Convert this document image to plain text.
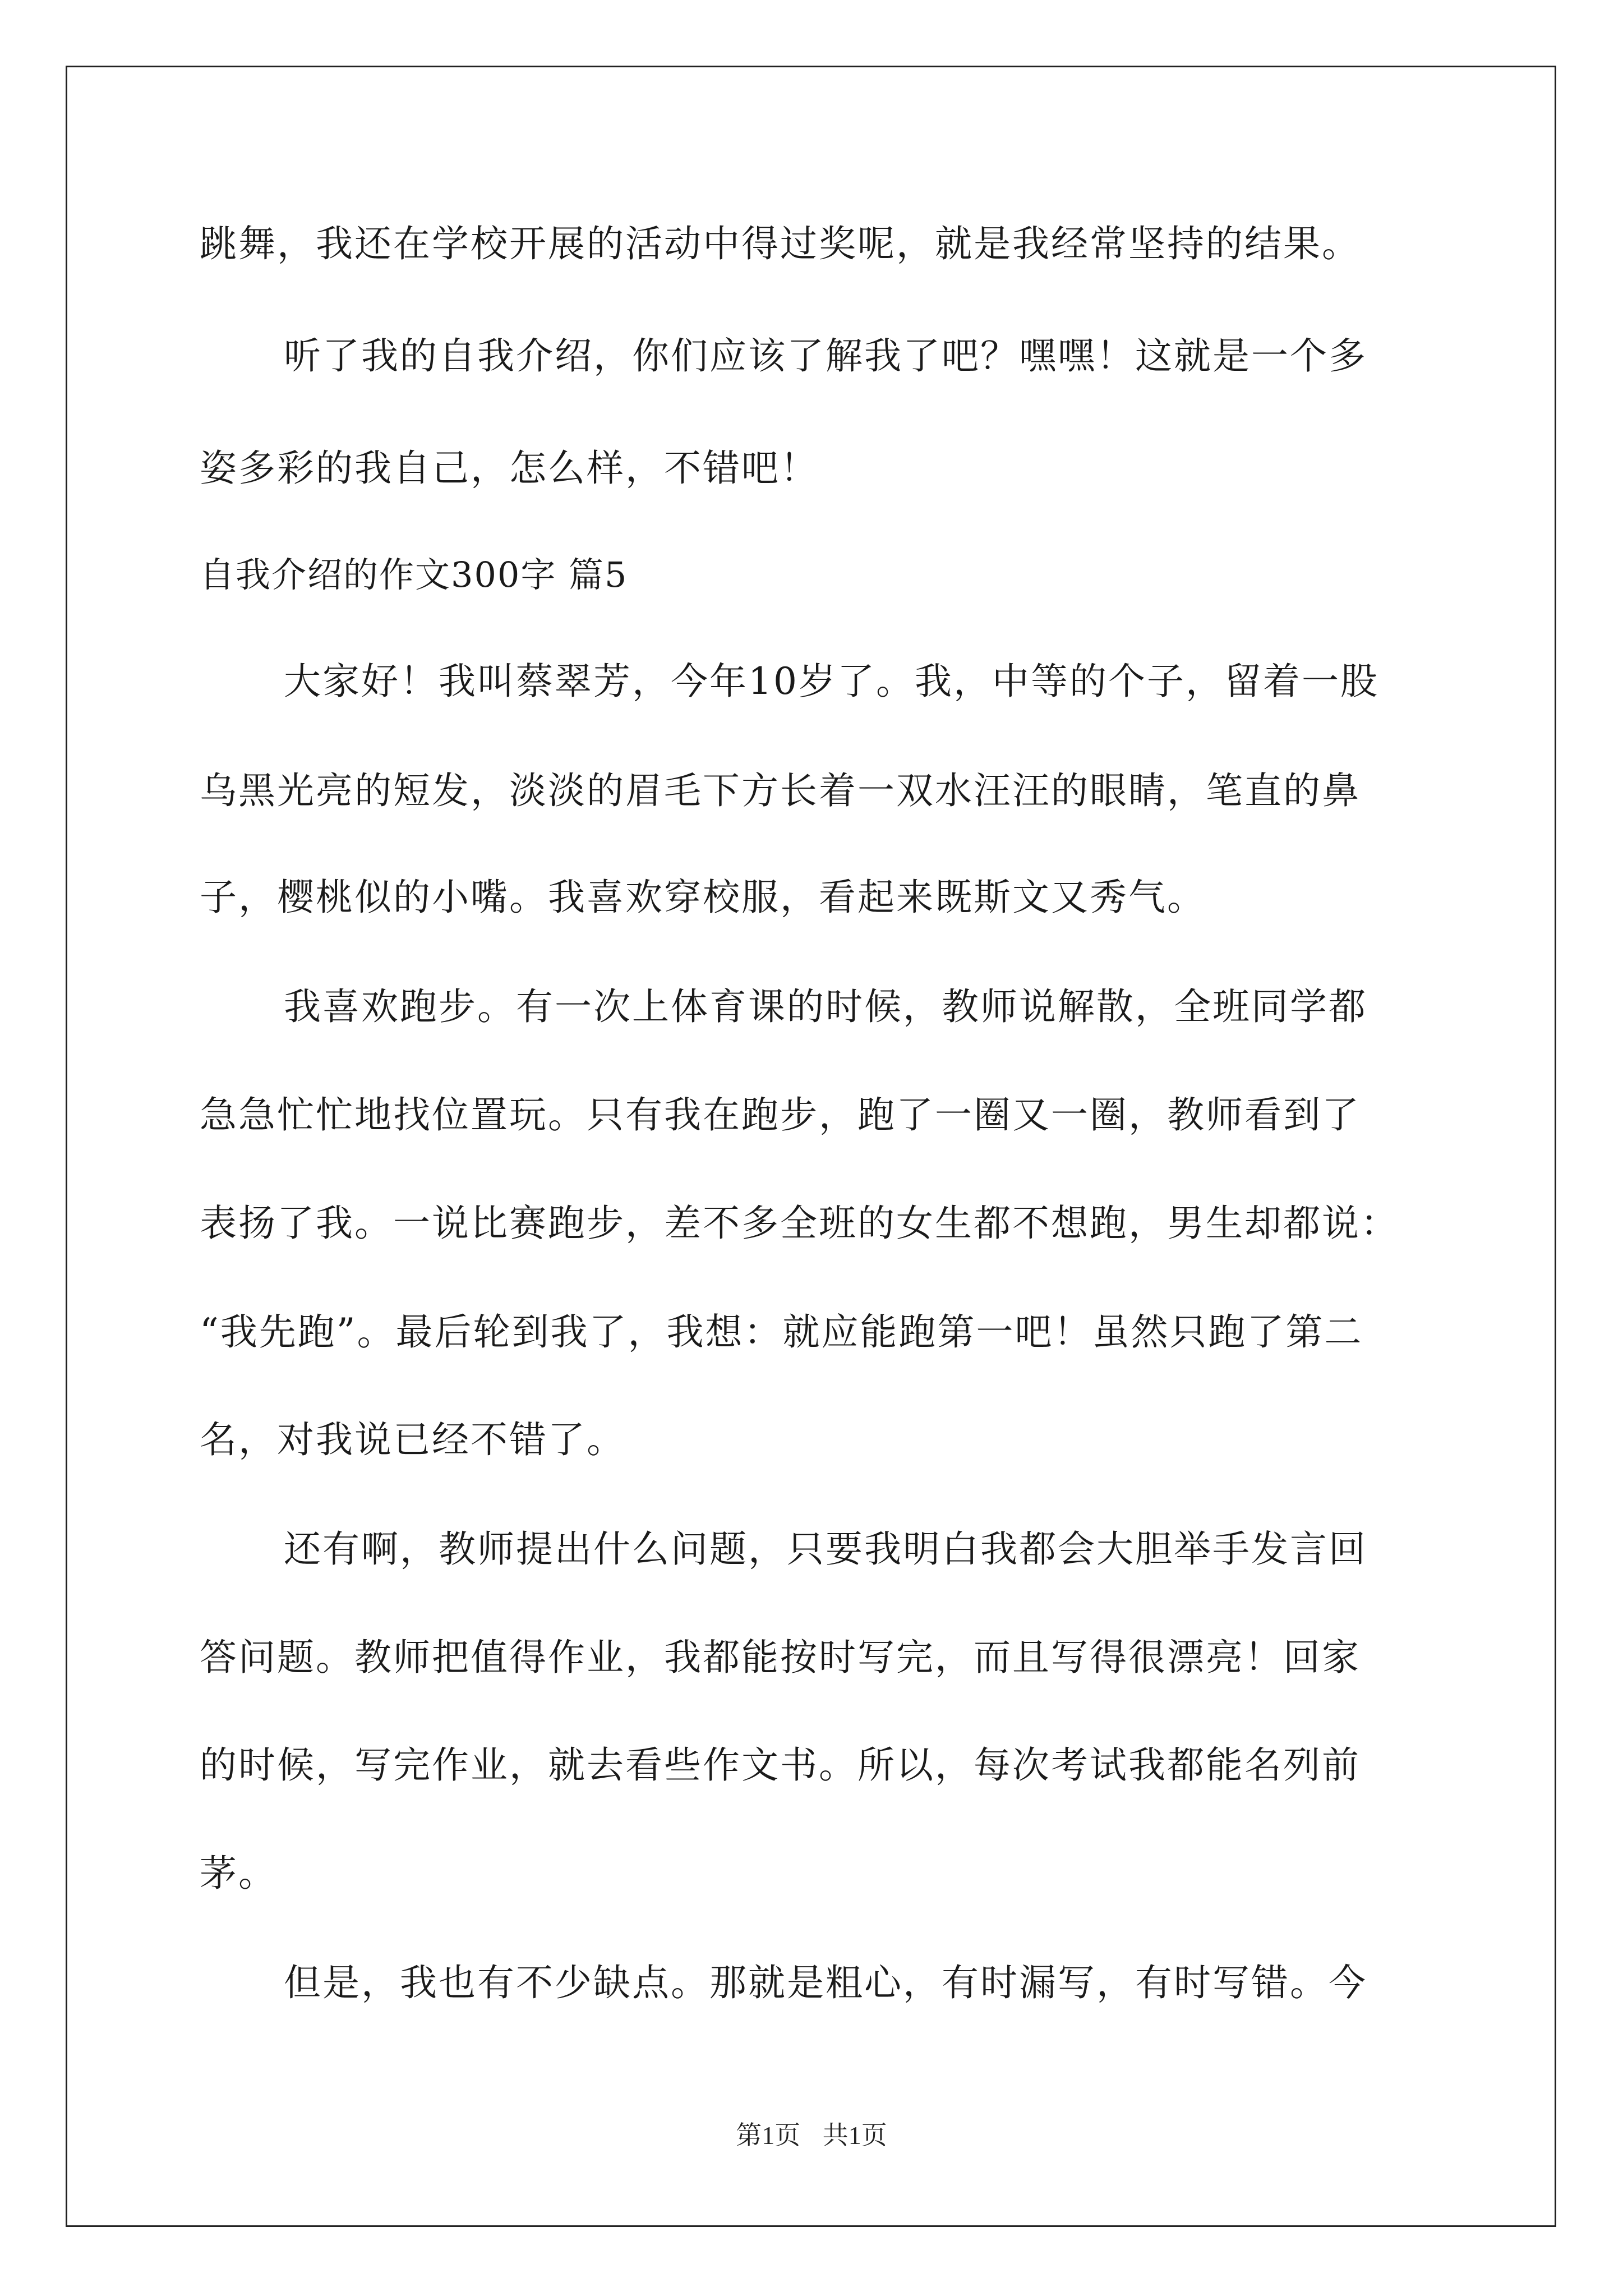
跳舞，我还在学校开展的活动中得过奖呢，就是我经常坚持的结果。
听了我的自我介绍，你们应该了解我了吧？嘿嘿！这就是一个多
姿多彩的我自己，怎么样，不错吧！
自我介绍的作文300字 篇5
大家好！我叫蔡翠芳，今年10岁了。我，中等的个子，留着一股
乌黑光亮的短发，淡淡的眉毛下方长着一双水汪汪的眼睛，笔直的鼻
子，樱桃似的小嘴。我喜欢穿校服，看起来既斯文又秀气。
我喜欢跑步。有一次上体育课的时候，教师说解散，全班同学都
急急忙忙地找位置玩。只有我在跑步，跑了一圈又一圈，教师看到了
表扬了我。一说比赛跑步，差不多全班的女生都不想跑，男生却都说：
“我先跑”。最后轮到我了，我想：就应能跑第一吧！虽然只跑了第二
名，对我说已经不错了。
还有啊，教师提出什么问题，只要我明白我都会大胆举手发言回
答问题。教师把值得作业，我都能按时写完，而且写得很漂亮！回家
的时候，写完作业，就去看些作文书。所以，每次考试我都能名列前
茅。
但是，我也有不少缺点。那就是粗心，有时漏写，有时写错。今
第1页 共1页
